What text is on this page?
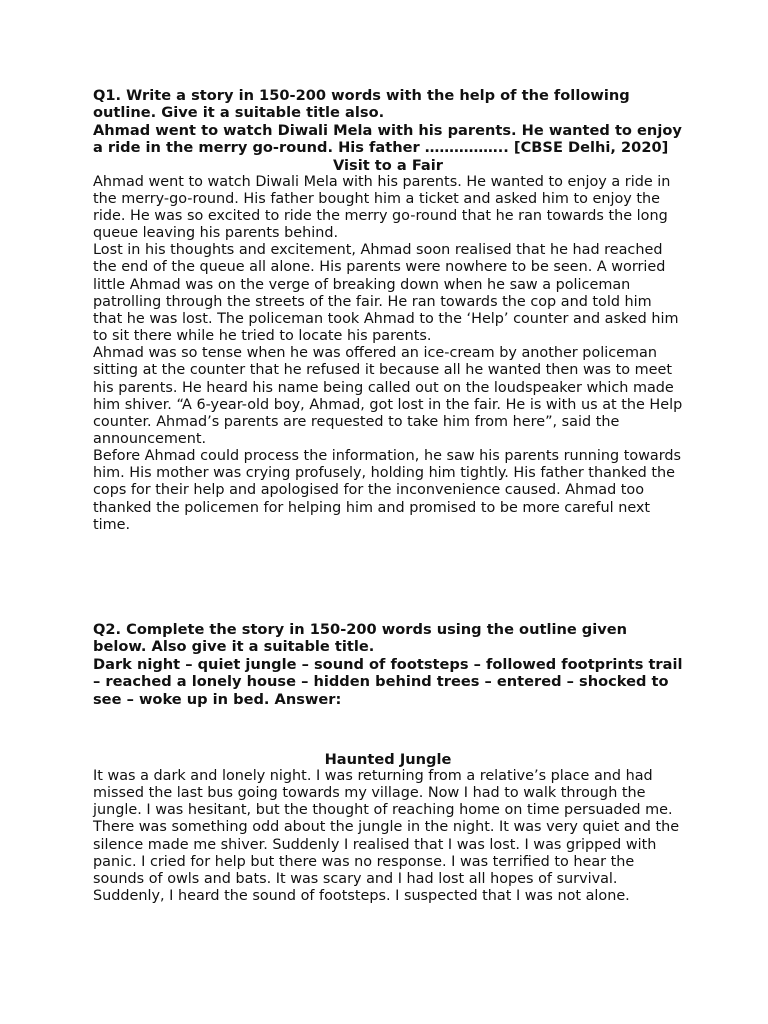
Q1. Write a story in 150-200 words with the help of the following outline. Give it a suitable title also.

Ahmad went to watch Diwali Mela with his parents. He wanted to enjoy a ride in the merry go-round. His father …………….. [CBSE Delhi, 2020]

Visit to a Fair

Ahmad went to watch Diwali Mela with his parents. He wanted to enjoy a ride in the merry-go-round. His father bought him a ticket and asked him to enjoy the ride. He was so excited to ride the merry go-round that he ran towards the long queue leaving his parents behind.

Lost in his thoughts and excitement, Ahmad soon realised that he had reached the end of the queue all alone. His parents were nowhere to be seen. A worried little Ahmad was on the verge of breaking down when he saw a policeman patrolling through the streets of the fair. He ran towards the cop and told him that he was lost. The policeman took Ahmad to the ‘Help’ counter and asked him to sit there while he tried to locate his parents.

Ahmad was so tense when he was offered an ice-cream by another policeman sitting at the counter that he refused it because all he wanted then was to meet his parents. He heard his name being called out on the loudspeaker which made him shiver. “A 6-year-old boy, Ahmad, got lost in the fair. He is with us at the Help counter. Ahmad’s parents are requested to take him from here”, said the announcement.

Before Ahmad could process the information, he saw his parents running towards him. His mother was crying profusely, holding him tightly. His father thanked the cops for their help and apologised for the inconvenience caused. Ahmad too thanked the policemen for helping him and promised to be more careful next time.

Q2. Complete the story in 150-200 words using the outline given below. Also give it a suitable title.

Dark night – quiet jungle – sound of footsteps – followed footprints trail – reached a lonely house – hidden behind trees – entered – shocked to see – woke up in bed. Answer:

Haunted Jungle

It was a dark and lonely night. I was returning from a relative’s place and had missed the last bus going towards my village. Now I had to walk through the jungle. I was hesitant, but the thought of reaching home on time persuaded me. There was something odd about the jungle in the night. It was very quiet and the silence made me shiver. Suddenly I realised that I was lost. I was gripped with panic. I cried for help but there was no response. I was terrified to hear the sounds of owls and bats. It was scary and I had lost all hopes of survival.

Suddenly, I heard the sound of footsteps. I suspected that I was not alone.
